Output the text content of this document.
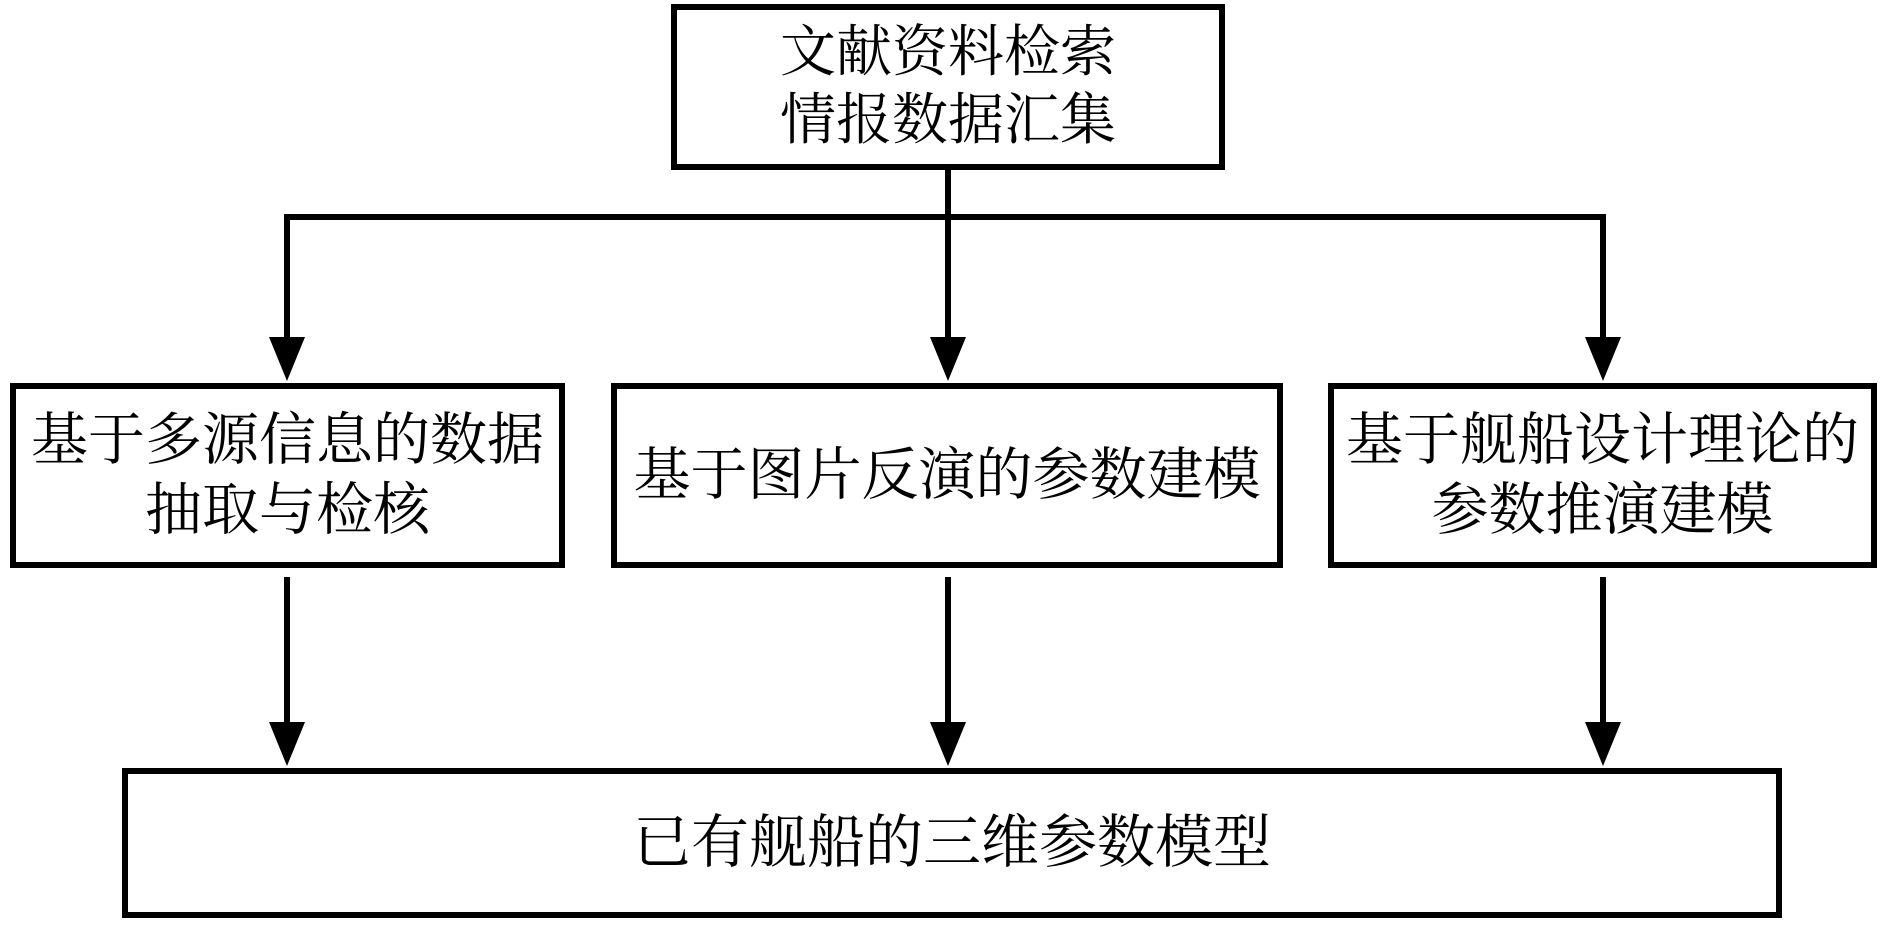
文献资料检索
情报数据汇集
基于多源信息的数据
抽取与检核
基于图片反演的参数建模
基于舰船设计理论的
参数推演建模
已有舰船的三维参数模型
